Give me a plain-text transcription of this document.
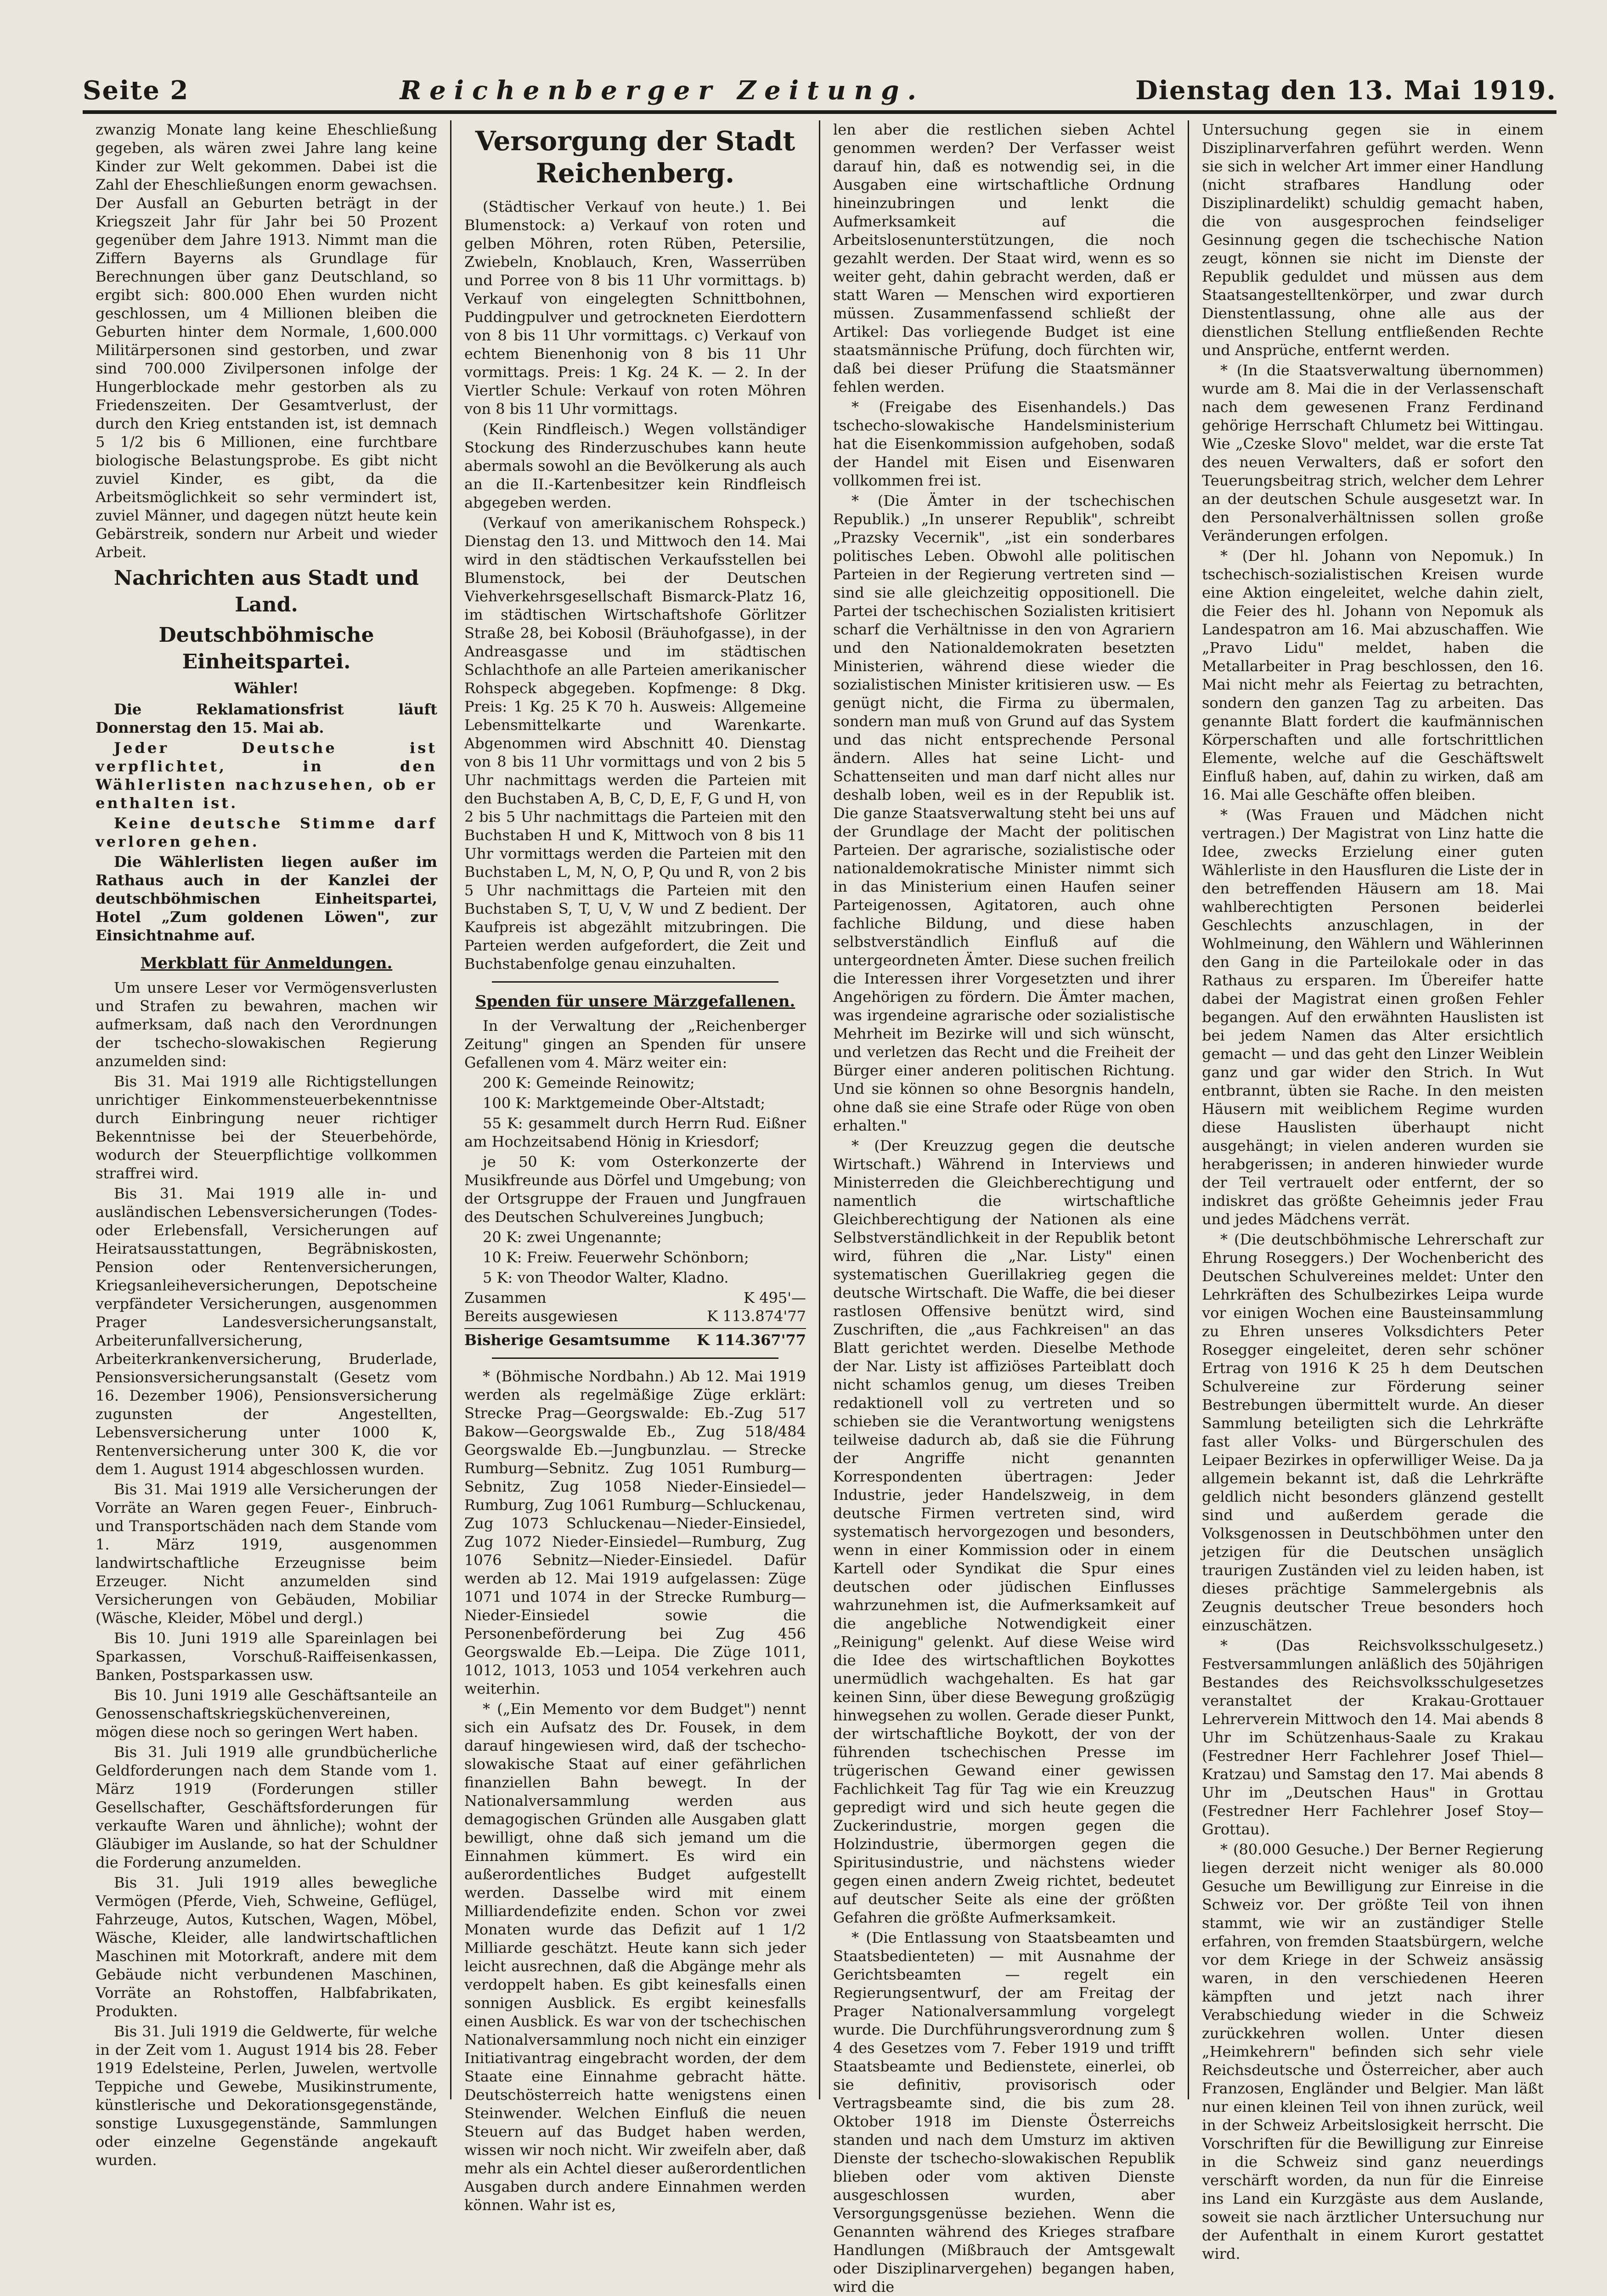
Seite 2	Reichenberger Zeitung.	Dienstag den 13. Mai 1919.

zwanzig Monate lang keine Eheschließung gegeben, als wären zwei Jahre lang keine Kinder zur Welt gekommen. Dabei ist die Zahl der Eheschließungen enorm gewachsen. Der Ausfall an Geburten beträgt in der Kriegszeit Jahr für Jahr bei 50 Prozent gegenüber dem Jahre 1913. Nimmt man die Ziffern Bayerns als Grundlage für Berechnungen über ganz Deutschland, so ergibt sich: 800.000 Ehen wurden nicht geschlossen, um 4 Millionen bleiben die Geburten hinter dem Normale, 1,600.000 Militärpersonen sind gestorben, und zwar sind 700.000 Zivilpersonen infolge der Hungerblockade mehr gestorben als zu Friedenszeiten. Der Gesamtverlust, der durch den Krieg entstanden ist, ist demnach 5 1/2 bis 6 Millionen, eine furchtbare biologische Belastungsprobe. Es gibt nicht zuviel Kinder, es gibt, da die Arbeitsmöglichkeit so sehr vermindert ist, zuviel Männer, und dagegen nützt heute kein Gebärstreik, sondern nur Arbeit und wieder Arbeit.

Nachrichten aus Stadt und Land.
Deutschböhmische Einheitspartei.
Wähler!

Die Reklamationsfrist läuft Donnerstag den 15. Mai ab.

Jeder Deutsche ist verpflichtet, in den Wählerlisten nachzusehen, ob er enthalten ist.

Keine deutsche Stimme darf verloren gehen.

Die Wählerlisten liegen außer im Rathaus auch in der Kanzlei der deutschböhmischen Einheitspartei, Hotel „Zum goldenen Löwen", zur Einsichtnahme auf.

Merkblatt für Anmeldungen.

Um unsere Leser vor Vermögensverlusten und Strafen zu bewahren, machen wir aufmerksam, daß nach den Verordnungen der tschecho-slowakischen Regierung anzumelden sind:

Bis 31. Mai 1919 alle Richtigstellungen unrichtiger Einkommensteuerbekenntnisse durch Einbringung neuer richtiger Bekenntnisse bei der Steuerbehörde, wodurch der Steuerpflichtige vollkommen straffrei wird.

Bis 31. Mai 1919 alle in- und ausländischen Lebensversicherungen (Todes- oder Erlebensfall, Versicherungen auf Heiratsausstattungen, Begräbniskosten, Pension oder Rentenversicherungen, Kriegsanleiheversicherungen, Depotscheine verpfändeter Versicherungen, ausgenommen Prager Landesversicherungsanstalt, Arbeiterunfallversicherung, Arbeiterkrankenversicherung, Bruderlade, Pensionsversicherungsanstalt (Gesetz vom 16. Dezember 1906), Pensionsversicherung zugunsten der Angestellten, Lebensversicherung unter 1000 K, Rentenversicherung unter 300 K, die vor dem 1. August 1914 abgeschlossen wurden.

Bis 31. Mai 1919 alle Versicherungen der Vorräte an Waren gegen Feuer-, Einbruch- und Transportschäden nach dem Stande vom 1. März 1919, ausgenommen landwirtschaftliche Erzeugnisse beim Erzeuger. Nicht anzumelden sind Versicherungen von Gebäuden, Mobiliar (Wäsche, Kleider, Möbel und dergl.)

Bis 10. Juni 1919 alle Spareinlagen bei Sparkassen, Vorschuß-Raiffeisenkassen, Banken, Postsparkassen usw.

Bis 10. Juni 1919 alle Geschäftsanteile an Genossenschaftskriegsküchenvereinen, mögen diese noch so geringen Wert haben.

Bis 31. Juli 1919 alle grundbücherliche Geldforderungen nach dem Stande vom 1. März 1919 (Forderungen stiller Gesellschafter, Geschäftsforderungen für verkaufte Waren und ähnliche); wohnt der Gläubiger im Auslande, so hat der Schuldner die Forderung anzumelden.

Bis 31. Juli 1919 alles bewegliche Vermögen (Pferde, Vieh, Schweine, Geflügel, Fahrzeuge, Autos, Kutschen, Wagen, Möbel, Wäsche, Kleider, alle landwirtschaftlichen Maschinen mit Motorkraft, andere mit dem Gebäude nicht verbundenen Maschinen, Vorräte an Rohstoffen, Halbfabrikaten, Produkten.

Bis 31. Juli 1919 die Geldwerte, für welche in der Zeit vom 1. August 1914 bis 28. Feber 1919 Edelsteine, Perlen, Juwelen, wertvolle Teppiche und Gewebe, Musikinstrumente, künstlerische und Dekorationsgegenstände, sonstige Luxusgegenstände, Sammlungen oder einzelne Gegenstände angekauft wurden.

Versorgung der Stadt Reichenberg.

(Städtischer Verkauf von heute.) 1. Bei Blumenstock: a) Verkauf von roten und gelben Möhren, roten Rüben, Petersilie, Zwiebeln, Knoblauch, Kren, Wasserrüben und Porree von 8 bis 11 Uhr vormittags. b) Verkauf von eingelegten Schnittbohnen, Puddingpulver und getrockneten Eierdottern von 8 bis 11 Uhr vormittags. c) Verkauf von echtem Bienenhonig von 8 bis 11 Uhr vormittags. Preis: 1 Kg. 24 K. — 2. In der Viertler Schule: Verkauf von roten Möhren von 8 bis 11 Uhr vormittags.

(Kein Rindfleisch.) Wegen vollständiger Stockung des Rinderzuschubes kann heute abermals sowohl an die Bevölkerung als auch an die II.-Kartenbesitzer kein Rindfleisch abgegeben werden.

(Verkauf von amerikanischem Rohspeck.) Dienstag den 13. und Mittwoch den 14. Mai wird in den städtischen Verkaufsstellen bei Blumenstock, bei der Deutschen Viehverkehrsgesellschaft Bismarck-Platz 16, im städtischen Wirtschaftshofe Görlitzer Straße 28, bei Kobosil (Bräuhofgasse), in der Andreasgasse und im städtischen Schlachthofe an alle Parteien amerikanischer Rohspeck abgegeben. Kopfmenge: 8 Dkg. Preis: 1 Kg. 25 K 70 h. Ausweis: Allgemeine Lebensmittelkarte und Warenkarte. Abgenommen wird Abschnitt 40. Dienstag von 8 bis 11 Uhr vormittags und von 2 bis 5 Uhr nachmittags werden die Parteien mit den Buchstaben A, B, C, D, E, F, G und H, von 2 bis 5 Uhr nachmittags die Parteien mit den Buchstaben H und K, Mittwoch von 8 bis 11 Uhr vormittags werden die Parteien mit den Buchstaben L, M, N, O, P, Qu und R, von 2 bis 5 Uhr nachmittags die Parteien mit den Buchstaben S, T, U, V, W und Z bedient. Der Kaufpreis ist abgezählt mitzubringen. Die Parteien werden aufgefordert, die Zeit und Buchstabenfolge genau einzuhalten.

Spenden für unsere Märzgefallenen.

In der Verwaltung der „Reichenberger Zeitung" gingen an Spenden für unsere Gefallenen vom 4. März weiter ein:

200 K: Gemeinde Reinowitz;

100 K: Marktgemeinde Ober-Altstadt;

55 K: gesammelt durch Herrn Rud. Eißner am Hochzeitsabend Hönig in Kriesdorf;

je 50 K: vom Osterkonzerte der Musikfreunde aus Dörfel und Umgebung; von der Ortsgruppe der Frauen und Jungfrauen des Deutschen Schulvereines Jungbuch;

20 K: zwei Ungenannte;

10 K: Freiw. Feuerwehr Schönborn;

5 K: von Theodor Walter, Kladno.

Zusammen	K 495'—
Bereits ausgewiesen	K 113.874'77
Bisherige Gesamtsumme K 114.367'77

* (Böhmische Nordbahn.) Ab 12. Mai 1919 werden als regelmäßige Züge erklärt: Strecke Prag—Georgswalde: Eb.-Zug 517 Bakow—Georgswalde Eb., Zug 518/484 Georgswalde Eb.—Jungbunzlau. — Strecke Rumburg—Sebnitz. Zug 1051 Rumburg—Sebnitz, Zug 1058 Nieder-Einsiedel—Rumburg, Zug 1061 Rumburg—Schluckenau, Zug 1073 Schluckenau—Nieder-Einsiedel, Zug 1072 Nieder-Einsiedel—Rumburg, Zug 1076 Sebnitz—Nieder-Einsiedel. Dafür werden ab 12. Mai 1919 aufgelassen: Züge 1071 und 1074 in der Strecke Rumburg—Nieder-Einsiedel sowie die Personenbeförderung bei Zug 456 Georgswalde Eb.—Leipa. Die Züge 1011, 1012, 1013, 1053 und 1054 verkehren auch weiterhin.

* („Ein Memento vor dem Budget") nennt sich ein Aufsatz des Dr. Fousek, in dem darauf hingewiesen wird, daß der tschecho-slowakische Staat auf einer gefährlichen finanziellen Bahn bewegt. In der Nationalversammlung werden aus demagogischen Gründen alle Ausgaben glatt bewilligt, ohne daß sich jemand um die Einnahmen kümmert. Es wird ein außerordentliches Budget aufgestellt werden. Dasselbe wird mit einem Milliardendefizite enden. Schon vor zwei Monaten wurde das Defizit auf 1 1/2 Milliarde geschätzt. Heute kann sich jeder leicht ausrechnen, daß die Abgänge mehr als verdoppelt haben. Es gibt keinesfalls einen sonnigen Ausblick. Es ergibt keinesfalls einen Ausblick. Es war von der tschechischen Nationalversammlung noch nicht ein einziger Initiativantrag eingebracht worden, der dem Staate eine Einnahme gebracht hätte. Deutschösterreich hatte wenigstens einen Steinwender. Welchen Einfluß die neuen Steuern auf das Budget haben werden, wissen wir noch nicht. Wir zweifeln aber, daß mehr als ein Achtel dieser außerordentlichen Ausgaben durch andere Einnahmen werden können. Wahr ist es,

len aber die restlichen sieben Achtel genommen werden? Der Verfasser weist darauf hin, daß es notwendig sei, in die Ausgaben eine wirtschaftliche Ordnung hineinzubringen und lenkt die Aufmerksamkeit auf die Arbeitslosenunterstützungen, die noch gezahlt werden. Der Staat wird, wenn es so weiter geht, dahin gebracht werden, daß er statt Waren — Menschen wird exportieren müssen. Zusammenfassend schließt der Artikel: Das vorliegende Budget ist eine staatsmännische Prüfung, doch fürchten wir, daß bei dieser Prüfung die Staatsmänner fehlen werden.

* (Freigabe des Eisenhandels.) Das tschecho-slowakische Handelsministerium hat die Eisenkommission aufgehoben, sodaß der Handel mit Eisen und Eisenwaren vollkommen frei ist.

* (Die Ämter in der tschechischen Republik.) „In unserer Republik", schreibt „Prazsky Vecernik", „ist ein sonderbares politisches Leben. Obwohl alle politischen Parteien in der Regierung vertreten sind — sind sie alle gleichzeitig oppositionell. Die Partei der tschechischen Sozialisten kritisiert scharf die Verhältnisse in den von Agrariern und den Nationaldemokraten besetzten Ministerien, während diese wieder die sozialistischen Minister kritisieren usw. — Es genügt nicht, die Firma zu übermalen, sondern man muß von Grund auf das System und das nicht entsprechende Personal ändern. Alles hat seine Licht- und Schattenseiten und man darf nicht alles nur deshalb loben, weil es in der Republik ist. Die ganze Staatsverwaltung steht bei uns auf der Grundlage der Macht der politischen Parteien. Der agrarische, sozialistische oder nationaldemokratische Minister nimmt sich in das Ministerium einen Haufen seiner Parteigenossen, Agitatoren, auch ohne fachliche Bildung, und diese haben selbstverständlich Einfluß auf die untergeordneten Ämter. Diese suchen freilich die Interessen ihrer Vorgesetzten und ihrer Angehörigen zu fördern. Die Ämter machen, was irgendeine agrarische oder sozialistische Mehrheit im Bezirke will und sich wünscht, und verletzen das Recht und die Freiheit der Bürger einer anderen politischen Richtung. Und sie können so ohne Besorgnis handeln, ohne daß sie eine Strafe oder Rüge von oben erhalten."

* (Der Kreuzzug gegen die deutsche Wirtschaft.) Während in Interviews und Ministerreden die Gleichberechtigung und namentlich die wirtschaftliche Gleichberechtigung der Nationen als eine Selbstverständlichkeit in der Republik betont wird, führen die „Nar. Listy" einen systematischen Guerillakrieg gegen die deutsche Wirtschaft. Die Waffe, die bei dieser rastlosen Offensive benützt wird, sind Zuschriften, die „aus Fachkreisen" an das Blatt gerichtet werden. Dieselbe Methode der Nar. Listy ist affiziöses Parteiblatt doch nicht schamlos genug, um dieses Treiben redaktionell voll zu vertreten und so schieben sie die Verantwortung wenigstens teilweise dadurch ab, daß sie die Führung der Angriffe nicht genannten Korrespondenten übertragen: Jeder Industrie, jeder Handelszweig, in dem deutsche Firmen vertreten sind, wird systematisch hervorgezogen und besonders, wenn in einer Kommission oder in einem Kartell oder Syndikat die Spur eines deutschen oder jüdischen Einflusses wahrzunehmen ist, die Aufmerksamkeit auf die angebliche Notwendigkeit einer „Reinigung" gelenkt. Auf diese Weise wird die Idee des wirtschaftlichen Boykottes unermüdlich wachgehalten. Es hat gar keinen Sinn, über diese Bewegung großzügig hinwegsehen zu wollen. Gerade dieser Punkt, der wirtschaftliche Boykott, der von der führenden tschechischen Presse im trügerischen Gewand einer gewissen Fachlichkeit Tag für Tag wie ein Kreuzzug gepredigt wird und sich heute gegen die Zuckerindustrie, morgen gegen die Holzindustrie, übermorgen gegen die Spiritusindustrie, und nächstens wieder gegen einen andern Zweig richtet, bedeutet auf deutscher Seite als eine der größten Gefahren die größte Aufmerksamkeit.

* (Die Entlassung von Staatsbeamten und Staatsbedienteten) — mit Ausnahme der Gerichtsbeamten — regelt ein Regierungsentwurf, der am Freitag der Prager Nationalversammlung vorgelegt wurde. Die Durchführungsverordnung zum § 4 des Gesetzes vom 7. Feber 1919 und trifft Staatsbeamte und Bedienstete, einerlei, ob sie definitiv, provisorisch oder Vertragsbeamte sind, die bis zum 28. Oktober 1918 im Dienste Österreichs standen und nach dem Umsturz im aktiven Dienste der tschecho-slowakischen Republik blieben oder vom aktiven Dienste ausgeschlossen wurden, aber Versorgungsgenüsse beziehen. Wenn die Genannten während des Krieges strafbare Handlungen (Mißbrauch der Amtsgewalt oder Disziplinarvergehen) begangen haben, wird die

Untersuchung gegen sie in einem Disziplinarverfahren geführt werden. Wenn sie sich in welcher Art immer einer Handlung (nicht strafbares Handlung oder Disziplinardelikt) schuldig gemacht haben, die von ausgesprochen feindseliger Gesinnung gegen die tschechische Nation zeugt, können sie nicht im Dienste der Republik geduldet und müssen aus dem Staatsangestelltenkörper, und zwar durch Dienstentlassung, ohne alle aus der dienstlichen Stellung entfließenden Rechte und Ansprüche, entfernt werden.

* (In die Staatsverwaltung übernommen) wurde am 8. Mai die in der Verlassenschaft nach dem gewesenen Franz Ferdinand gehörige Herrschaft Chlumetz bei Wittingau. Wie „Czeske Slovo" meldet, war die erste Tat des neuen Verwalters, daß er sofort den Teuerungsbeitrag strich, welcher dem Lehrer an der deutschen Schule ausgesetzt war. In den Personalverhältnissen sollen große Veränderungen erfolgen.

* (Der hl. Johann von Nepomuk.) In tschechisch-sozialistischen Kreisen wurde eine Aktion eingeleitet, welche dahin zielt, die Feier des hl. Johann von Nepomuk als Landespatron am 16. Mai abzuschaffen. Wie „Pravo Lidu" meldet, haben die Metallarbeiter in Prag beschlossen, den 16. Mai nicht mehr als Feiertag zu betrachten, sondern den ganzen Tag zu arbeiten. Das genannte Blatt fordert die kaufmännischen Körperschaften und alle fortschrittlichen Elemente, welche auf die Geschäftswelt Einfluß haben, auf, dahin zu wirken, daß am 16. Mai alle Geschäfte offen bleiben.

* (Was Frauen und Mädchen nicht vertragen.) Der Magistrat von Linz hatte die Idee, zwecks Erzielung einer guten Wählerliste in den Hausfluren die Liste der in den betreffenden Häusern am 18. Mai wahlberechtigten Personen beiderlei Geschlechts anzuschlagen, in der Wohlmeinung, den Wählern und Wählerinnen den Gang in die Parteilokale oder in das Rathaus zu ersparen. Im Übereifer hatte dabei der Magistrat einen großen Fehler begangen. Auf den erwähnten Hauslisten ist bei jedem Namen das Alter ersichtlich gemacht — und das geht den Linzer Weiblein ganz und gar wider den Strich. In Wut entbrannt, übten sie Rache. In den meisten Häusern mit weiblichem Regime wurden diese Hauslisten überhaupt nicht ausgehängt; in vielen anderen wurden sie herabgerissen; in anderen hinwieder wurde der Teil vertrauelt oder entfernt, der so indiskret das größte Geheimnis jeder Frau und jedes Mädchens verrät.

* (Die deutschböhmische Lehrerschaft zur Ehrung Roseggers.) Der Wochenbericht des Deutschen Schulvereines meldet: Unter den Lehrkräften des Schulbezirkes Leipa wurde vor einigen Wochen eine Bausteinsammlung zu Ehren unseres Volksdichters Peter Rosegger eingeleitet, deren sehr schöner Ertrag von 1916 K 25 h dem Deutschen Schulvereine zur Förderung seiner Bestrebungen übermittelt wurde. An dieser Sammlung beteiligten sich die Lehrkräfte fast aller Volks- und Bürgerschulen des Leipaer Bezirkes in opferwilliger Weise. Da ja allgemein bekannt ist, daß die Lehrkräfte geldlich nicht besonders glänzend gestellt sind und außerdem gerade die Volksgenossen in Deutschböhmen unter den jetzigen für die Deutschen unsäglich traurigen Zuständen viel zu leiden haben, ist dieses prächtige Sammelergebnis als Zeugnis deutscher Treue besonders hoch einzuschätzen.

* (Das Reichsvolksschulgesetz.) Festversammlungen anläßlich des 50jährigen Bestandes des Reichsvolksschulgesetzes veranstaltet der Krakau-Grottauer Lehrerverein Mittwoch den 14. Mai abends 8 Uhr im Schützenhaus-Saale zu Krakau (Festredner Herr Fachlehrer Josef Thiel—Kratzau) und Samstag den 17. Mai abends 8 Uhr im „Deutschen Haus" in Grottau (Festredner Herr Fachlehrer Josef Stoy—Grottau).

* (80.000 Gesuche.) Der Berner Regierung liegen derzeit nicht weniger als 80.000 Gesuche um Bewilligung zur Einreise in die Schweiz vor. Der größte Teil von ihnen stammt, wie wir an zuständiger Stelle erfahren, von fremden Staatsbürgern, welche vor dem Kriege in der Schweiz ansässig waren, in den verschiedenen Heeren kämpften und jetzt nach ihrer Verabschiedung wieder in die Schweiz zurückkehren wollen. Unter diesen „Heimkehrern" befinden sich sehr viele Reichsdeutsche und Österreicher, aber auch Franzosen, Engländer und Belgier. Man läßt nur einen kleinen Teil von ihnen zurück, weil in der Schweiz Arbeitslosigkeit herrscht. Die Vorschriften für die Bewilligung zur Einreise in die Schweiz sind ganz neuerdings verschärft worden, da nun für die Einreise ins Land ein Kurzgäste aus dem Auslande, soweit sie nach ärztlicher Untersuchung nur der Aufenthalt in einem Kurort gestattet wird.
